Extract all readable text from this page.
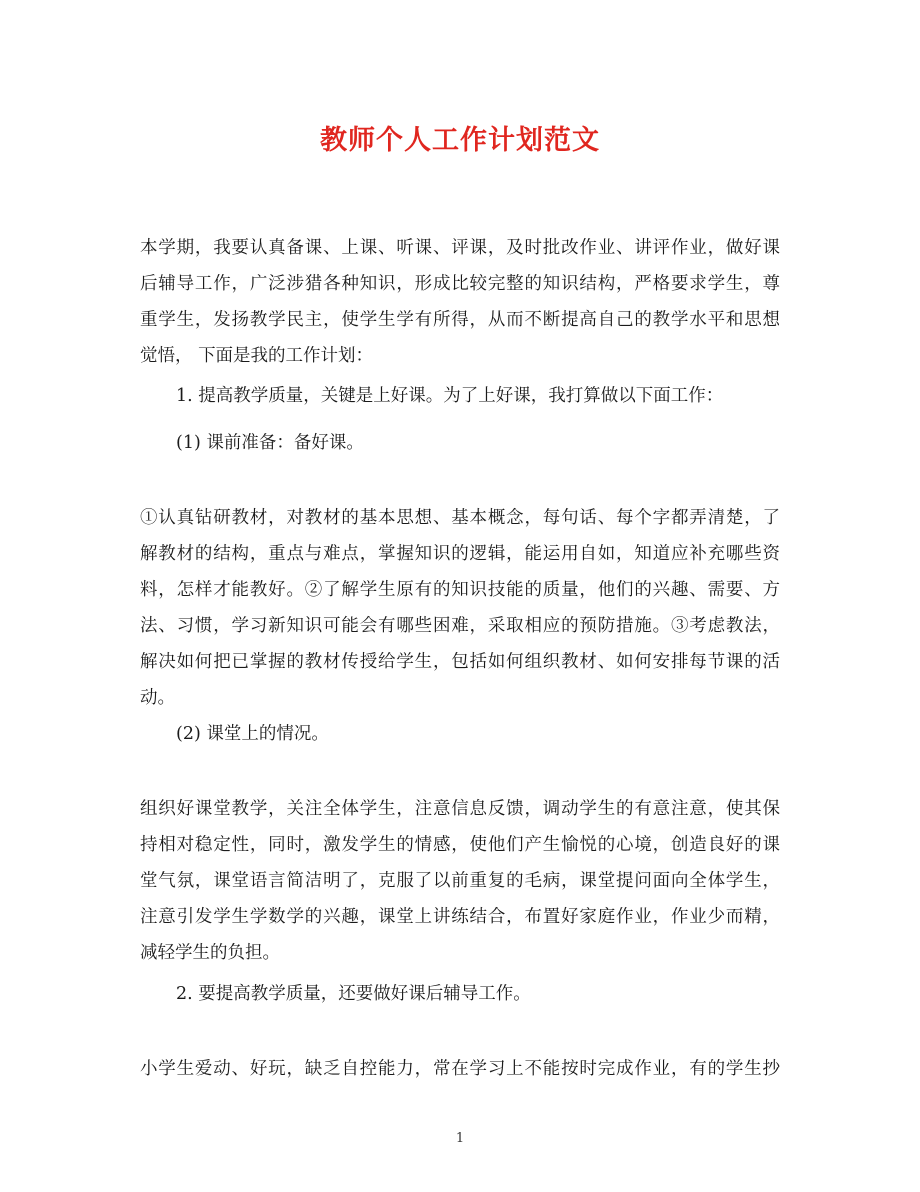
教师个人工作计划范文
本学期，我要认真备课、上课、听课、评课，及时批改作业、讲评作业，做好课
后辅导工作，广泛涉猎各种知识，形成比较完整的知识结构，严格要求学生，尊
重学生，发扬教学民主，使学生学有所得，从而不断提高自己的教学水平和思想
觉悟， 下面是我的工作计划：
1. 提高教学质量，关键是上好课。为了上好课，我打算做以下面工作：
(1) 课前准备：备好课。
①认真钻研教材，对教材的基本思想、基本概念，每句话、每个字都弄清楚，了
解教材的结构，重点与难点，掌握知识的逻辑，能运用自如，知道应补充哪些资
料，怎样才能教好。②了解学生原有的知识技能的质量，他们的兴趣、需要、方
法、习惯，学习新知识可能会有哪些困难，采取相应的预防措施。③考虑教法，
解决如何把已掌握的教材传授给学生，包括如何组织教材、如何安排每节课的活
动。
(2) 课堂上的情况。
组织好课堂教学，关注全体学生，注意信息反馈，调动学生的有意注意，使其保
持相对稳定性，同时，激发学生的情感，使他们产生愉悦的心境，创造良好的课
堂气氛，课堂语言简洁明了，克服了以前重复的毛病，课堂提问面向全体学生，
注意引发学生学数学的兴趣，课堂上讲练结合，布置好家庭作业，作业少而精，
减轻学生的负担。
2. 要提高教学质量，还要做好课后辅导工作。
小学生爱动、好玩，缺乏自控能力，常在学习上不能按时完成作业，有的学生抄
1
